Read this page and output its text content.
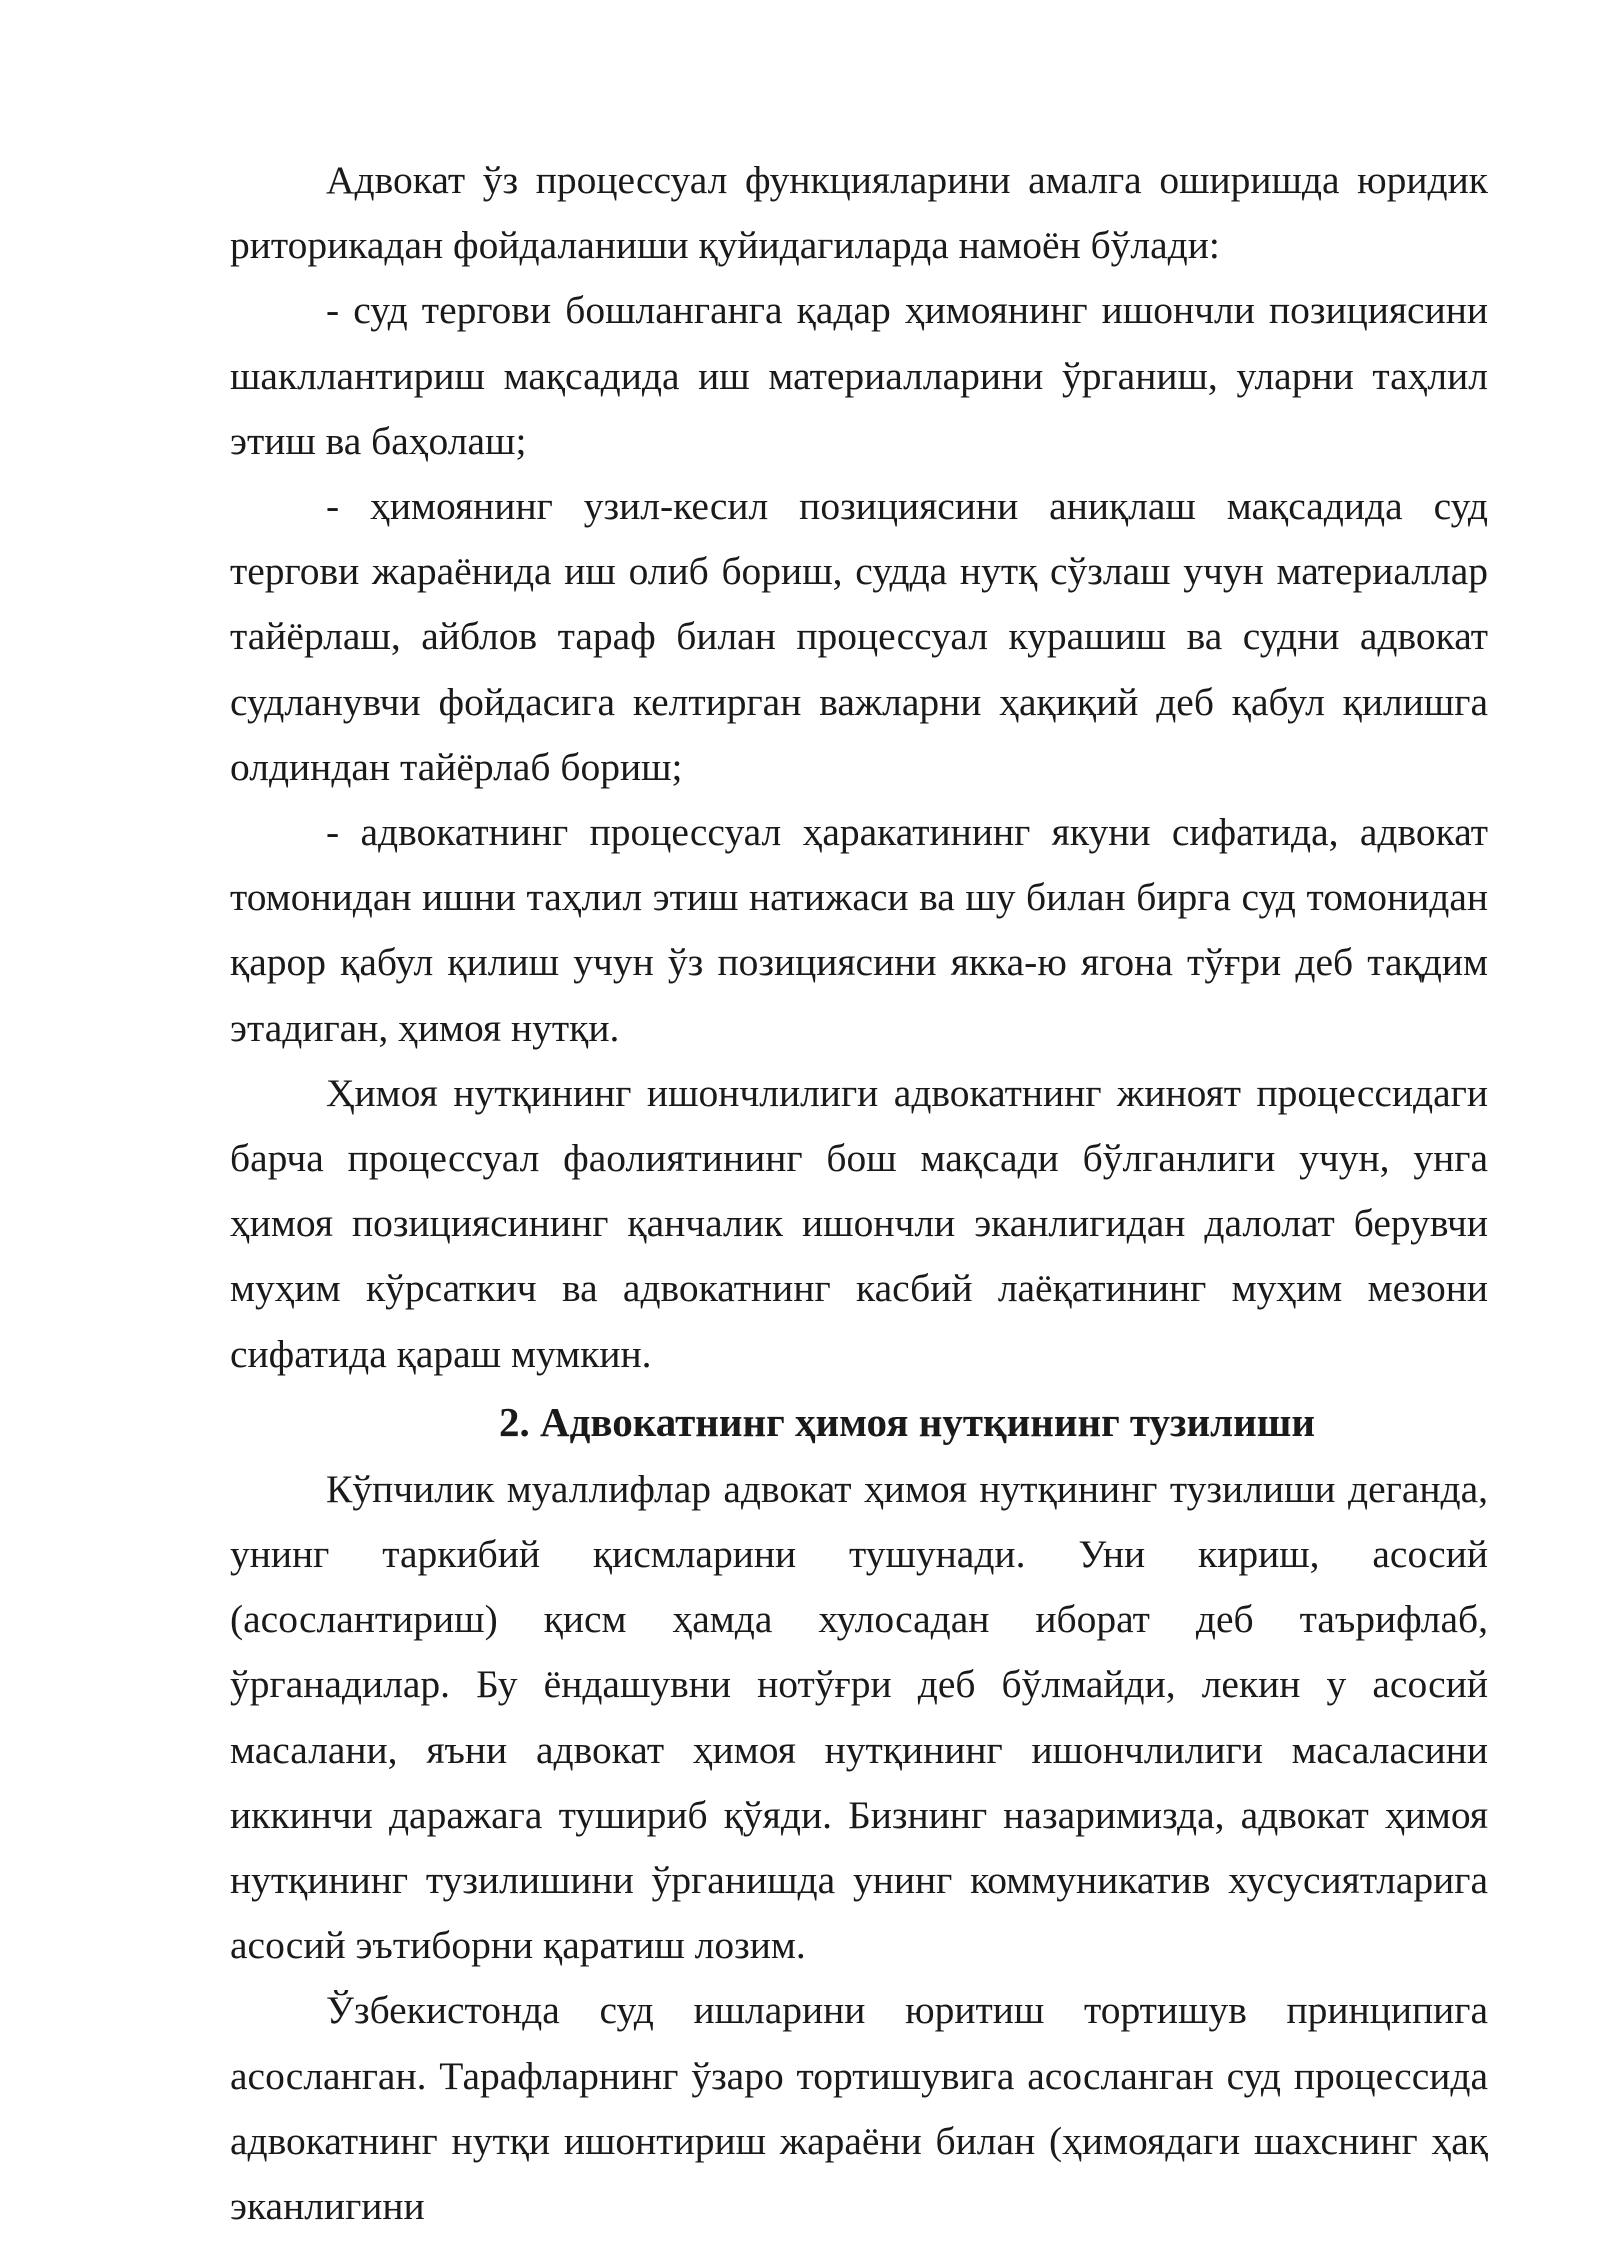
Адвокат ўз процессуал функцияларини амалга оширишда юридик риторикадан фойдаланиши қуйидагиларда намоён бўлади:

- суд тергови бошланганга қадар ҳимоянинг ишончли позициясини шакллантириш мақсадида иш материалларини ўрганиш, уларни таҳлил этиш ва баҳолаш;

- ҳимоянинг узил-кесил позициясини аниқлаш мақсадида суд тергови жараёнида иш олиб бориш, судда нутқ сўзлаш учун материаллар тайёрлаш, айблов тараф билан процессуал курашиш ва судни адвокат судланувчи фойдасига келтирган важларни ҳақиқий деб қабул қилишга олдиндан тайёрлаб бориш;

- адвокатнинг процессуал ҳаракатининг якуни сифатида, адвокат томонидан ишни таҳлил этиш натижаси ва шу билан бирга суд томонидан қарор қабул қилиш учун ўз позициясини якка-ю ягона тўғри деб тақдим этадиган, ҳимоя нутқи.

Ҳимоя нутқининг ишончлилиги адвокатнинг жиноят процессидаги барча процессуал фаолиятининг бош мақсади бўлганлиги учун, унга ҳимоя позициясининг қанчалик ишончли эканлигидан далолат берувчи муҳим кўрсаткич ва адвокатнинг касбий лаёқатининг муҳим мезони сифатида қараш мумкин.

2. Адвокатнинг ҳимоя нутқининг тузилиши

Кўпчилик муаллифлар адвокат ҳимоя нутқининг тузилиши деганда, унинг таркибий қисмларини тушунади. Уни кириш, асосий (асослантириш) қисм ҳамда хулосадан иборат деб таърифлаб, ўрганадилар. Бу ёндашувни нотўғри деб бўлмайди, лекин у асосий масалани, яъни адвокат ҳимоя нутқининг ишончлилиги масаласини иккинчи даражага тушириб қўяди. Бизнинг назаримизда, адвокат ҳимоя нутқининг тузилишини ўрганишда унинг коммуникатив хусусиятларига асосий эътиборни қаратиш лозим.

Ўзбекистонда суд ишларини юритиш тортишув принципига асосланган. Тарафларнинг ўзаро тортишувига асосланган суд процессида адвокатнинг нутқи ишонтириш жараёни билан (ҳимоядаги шахснинг ҳақ эканлигини
